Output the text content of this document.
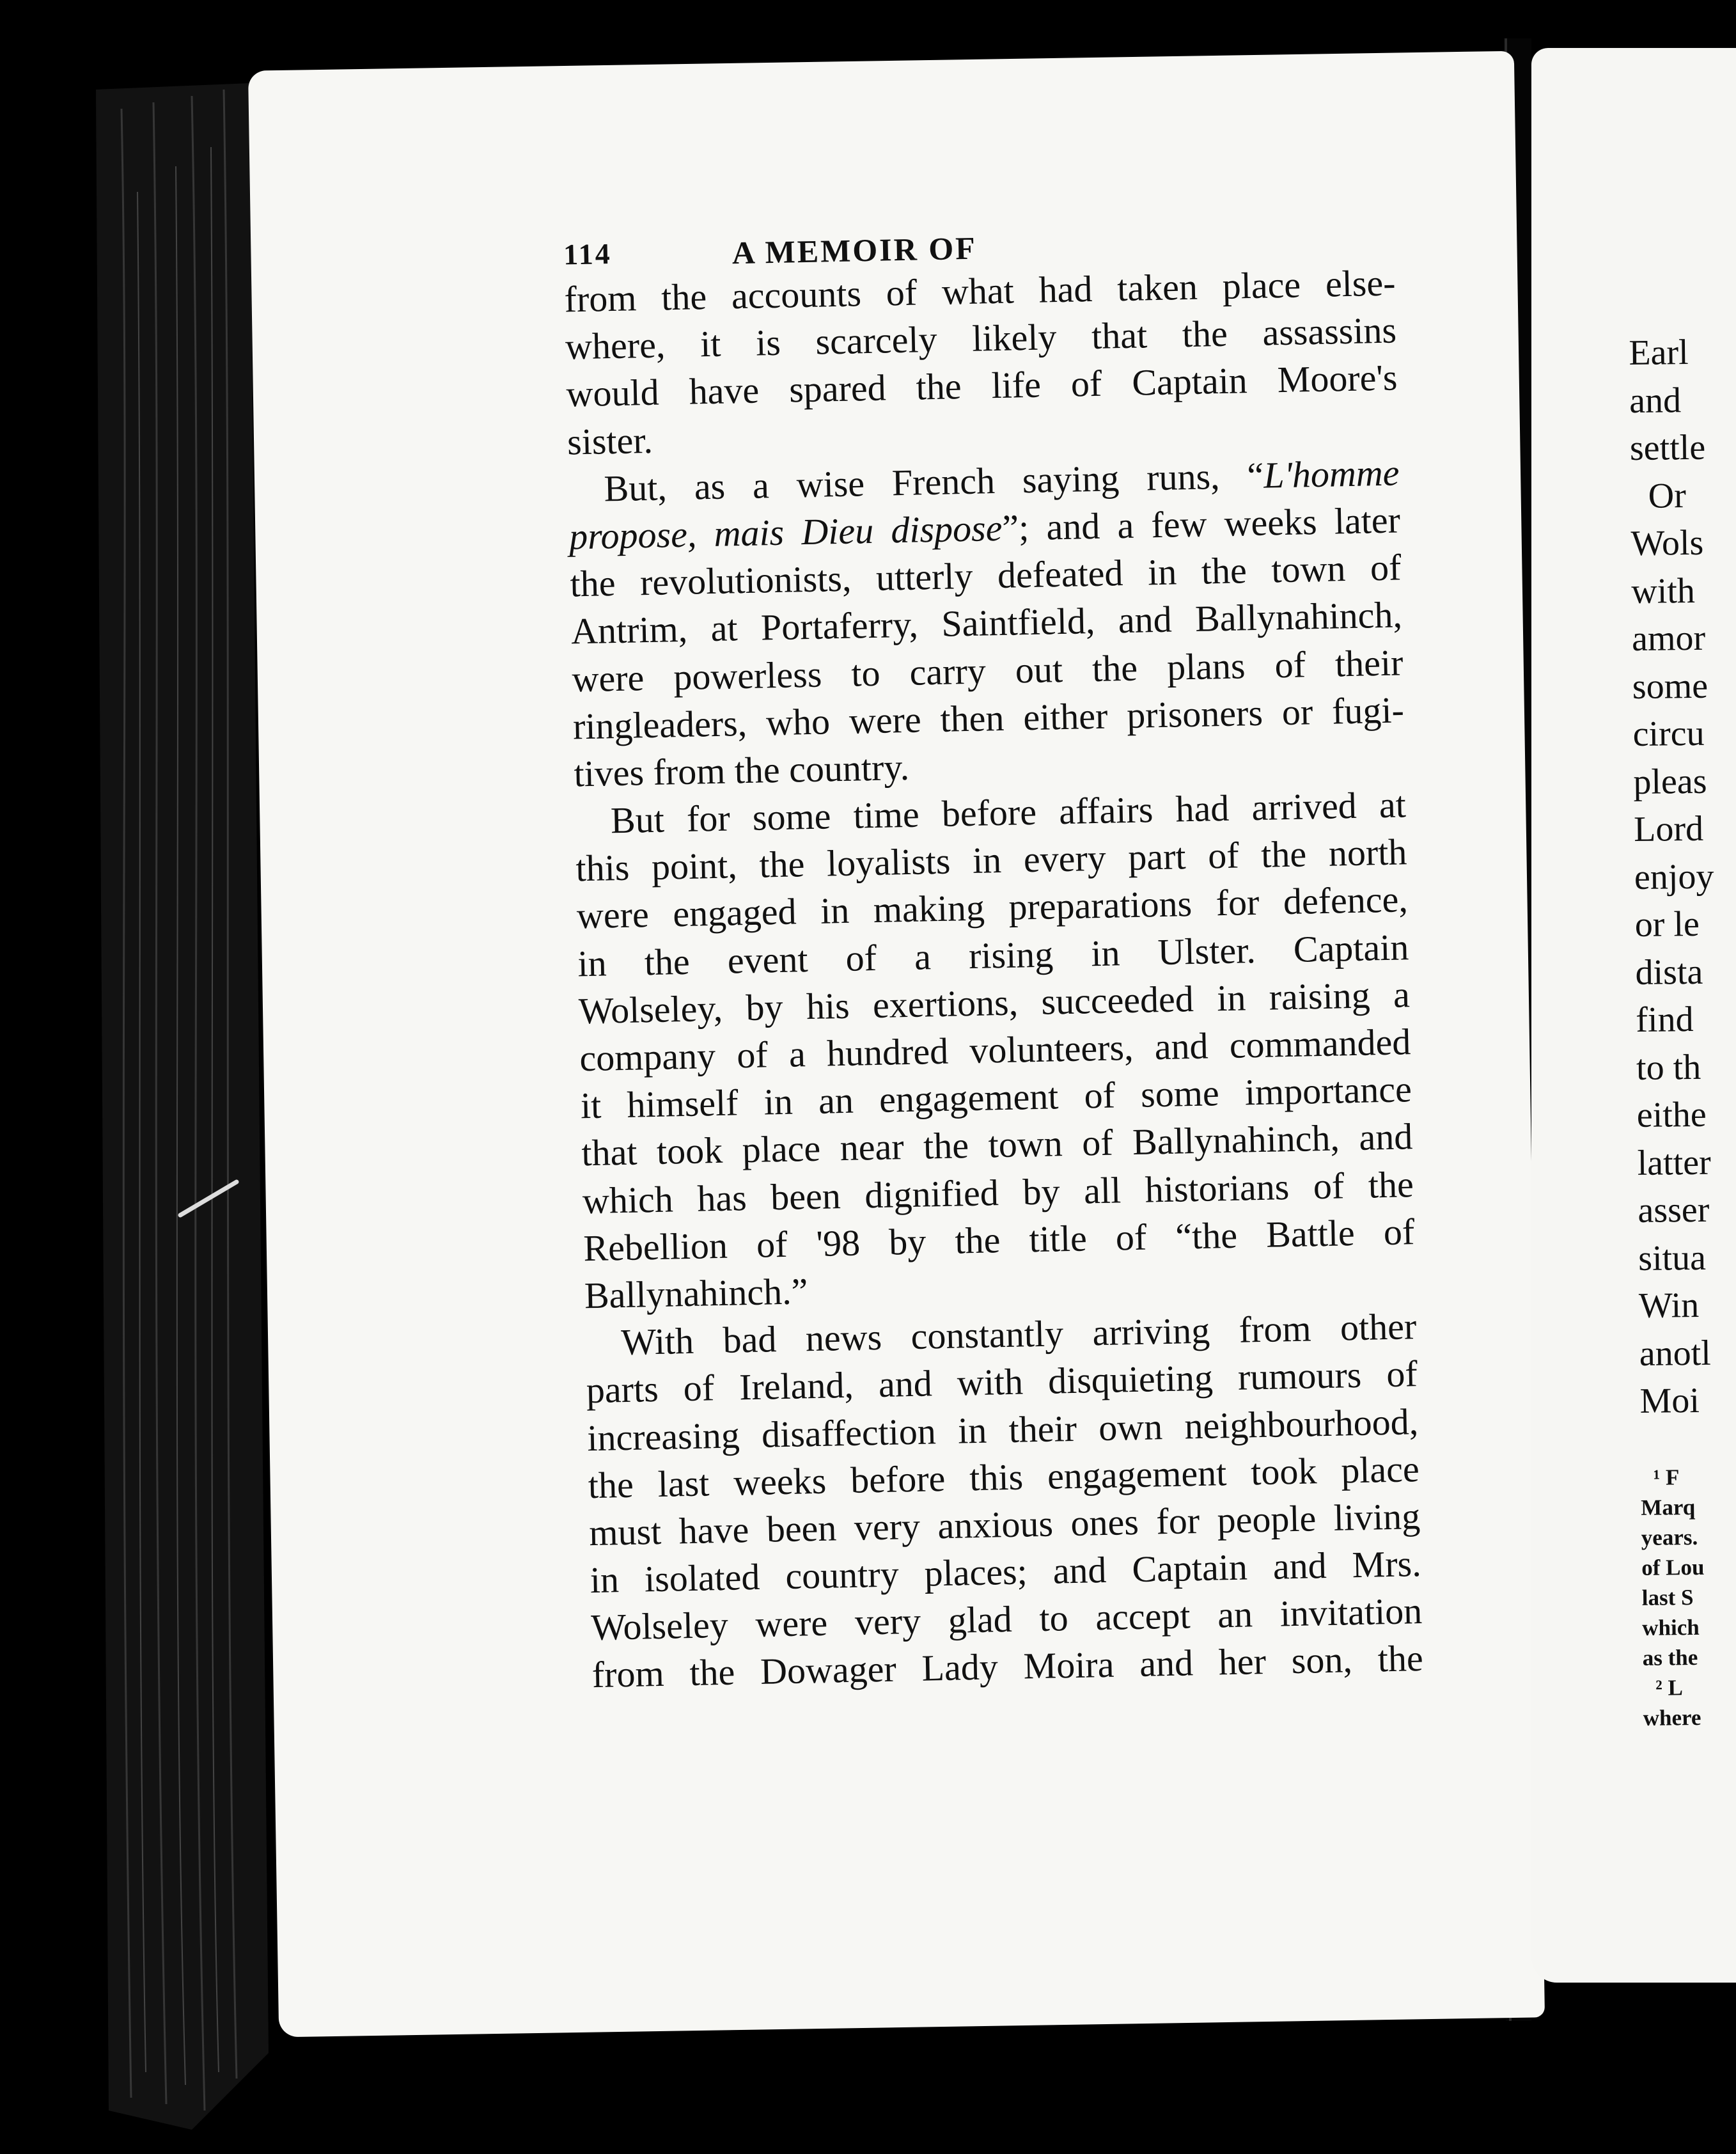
114	A MEMOIR OF
from the accounts of what had taken place else-
where, it is scarcely likely that the assassins
would have spared the life of Captain Moore's
sister.
But, as a wise French saying runs, “L'homme
propose, mais Dieu dispose”; and a few weeks later
the revolutionists, utterly defeated in the town of
Antrim, at Portaferry, Saintfield, and Ballynahinch,
were powerless to carry out the plans of their
ringleaders, who were then either prisoners or fugi-
tives from the country.
But for some time before affairs had arrived at
this point, the loyalists in every part of the north
were engaged in making preparations for defence,
in the event of a rising in Ulster. Captain
Wolseley, by his exertions, succeeded in raising a
company of a hundred volunteers, and commanded
it himself in an engagement of some importance
that took place near the town of Ballynahinch, and
which has been dignified by all historians of the
Rebellion of '98 by the title of “the Battle of
Ballynahinch.”
With bad news constantly arriving from other
parts of Ireland, and with disquieting rumours of
increasing disaffection in their own neighbourhood,
the last weeks before this engagement took place
must have been very anxious ones for people living
in isolated country places; and Captain and Mrs.
Wolseley were very glad to accept an invitation
from the Dowager Lady Moira and her son, the
Earl
and
settle
Or
Wols
with
amor
some
circu
pleas
Lord
enjoy
or le
dista
find
to th
eithe
latter
asser
situa
Win
anotl
Moi
¹ F
Marq
years.
of Lou
last S
which
as the
² L
where
